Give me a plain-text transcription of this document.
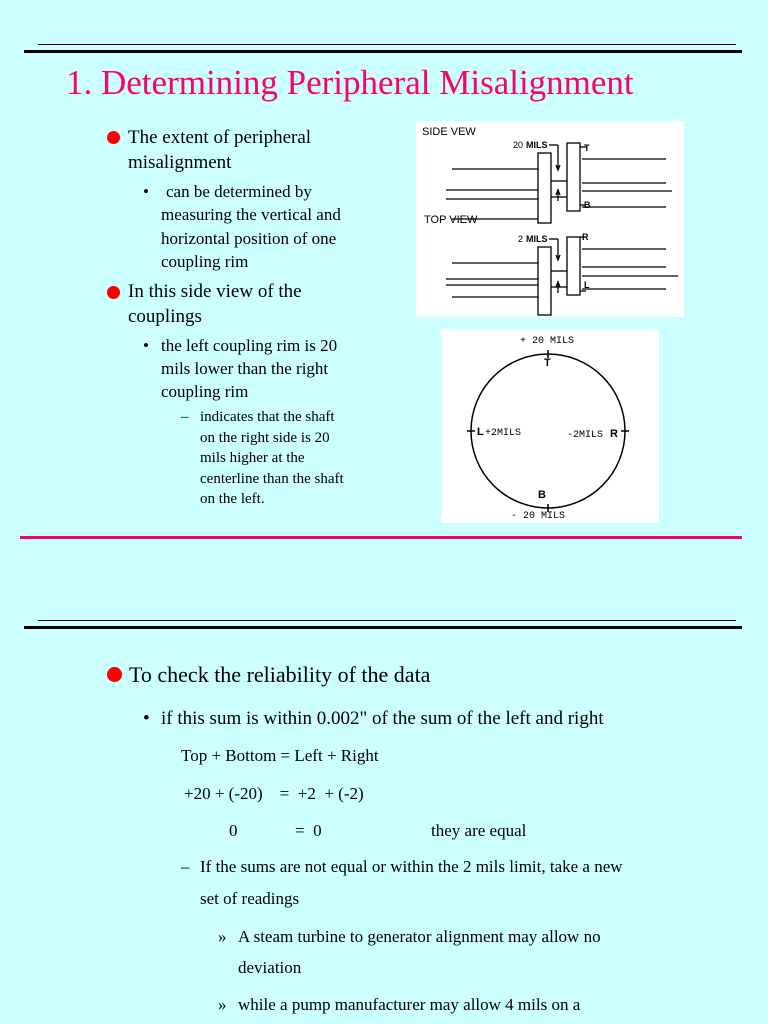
1. Determining Peripheral Misalignment
The extent of peripheral
misalignment
• can be determined by
measuring the vertical and
horizontal position of one
coupling rim
In this side view of the
couplings
• the left coupling rim is 20
mils lower than the right
coupling rim
– indicates that the shaft
on the right side is 20
mils higher at the
centerline than the shaft
on the left.
SIDE VEW
20 MILS	T
B
TOP VIEW
2 MILS	R
L
+ 20 MILS
T
L +2MILS	-2MILS R
B
- 20 MILS
To check the reliability of the data
• if this sum is within 0.002" of the sum of the left and right
Top + Bottom = Left + Right
+20 + (-20)    =  +2  + (-2)
0	=  0	they are equal
– If the sums are not equal or within the 2 mils limit, take a new
set of readings
» A steam turbine to generator alignment may allow no
deviation
» while a pump manufacturer may allow 4 mils on a
